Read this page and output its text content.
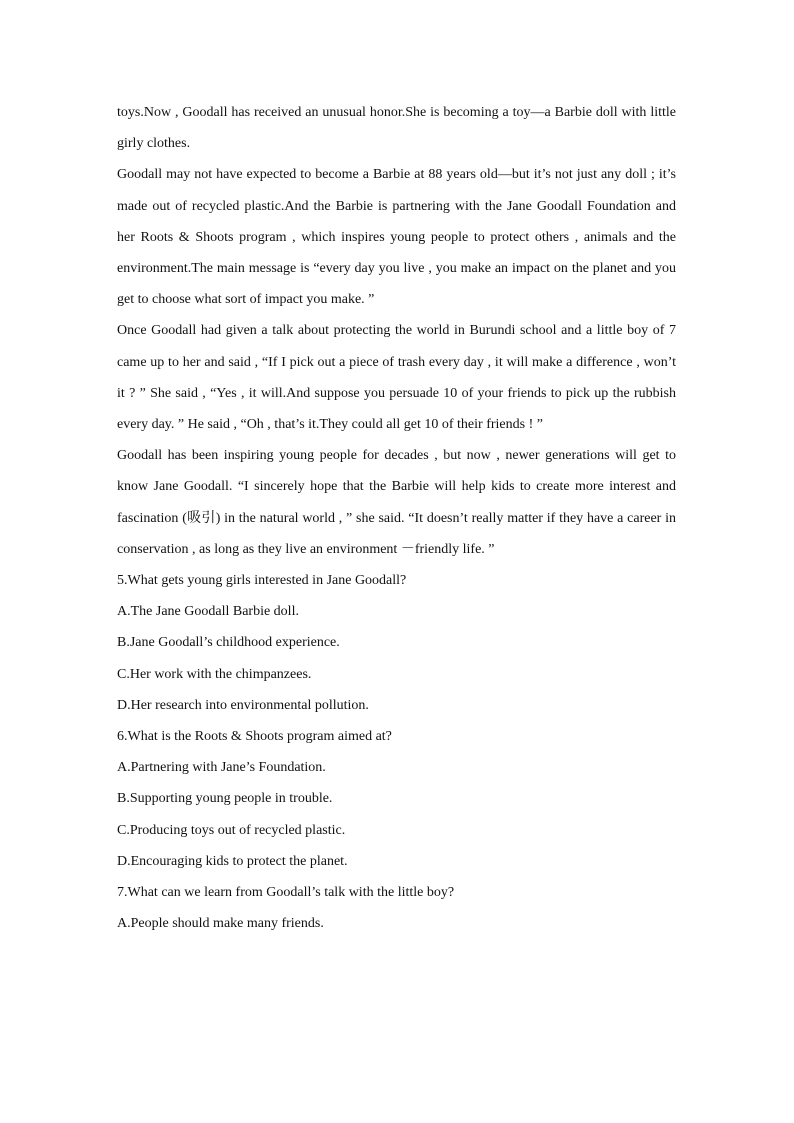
toys.Now , Goodall has received an unusual honor.She is becoming a toy—a Barbie doll with little girly clothes.

Goodall may not have expected to become a Barbie at 88 years old—but it’s not just any doll ; it’s made out of recycled plastic.And the Barbie is partnering with the Jane Goodall Foundation and her Roots & Shoots program , which inspires young people to protect others , animals and the environment.The main message is “every day you live , you make an impact on the planet and you get to choose what sort of impact you make. ”

Once Goodall had given a talk about protecting the world in Burundi school and a little boy of 7 came up to her and said , “If I pick out a piece of trash every day , it will make a difference , won’t it ? ” She said , “Yes , it will.And suppose you persuade 10 of your friends to pick up the rubbish every day. ” He said , “Oh , that’s it.They could all get 10 of their friends ! ”

Goodall has been inspiring young people for decades , but now , newer generations will get to know Jane Goodall. “I sincerely hope that the Barbie will help kids to create more interest and fascination (吸引) in the natural world , ” she said. “It doesn’t really matter if they have a career in conservation , as long as they live an environment －friendly life. ”

5.What gets young girls interested in Jane Goodall?

A.The Jane Goodall Barbie doll.

B.Jane Goodall’s childhood experience.

C.Her work with the chimpanzees.

D.Her research into environmental pollution.

6.What is the Roots & Shoots program aimed at?

A.Partnering with Jane’s Foundation.

B.Supporting young people in trouble.

C.Producing toys out of recycled plastic.

D.Encouraging kids to protect the planet.

7.What can we learn from Goodall’s talk with the little boy?

A.People should make many friends.
